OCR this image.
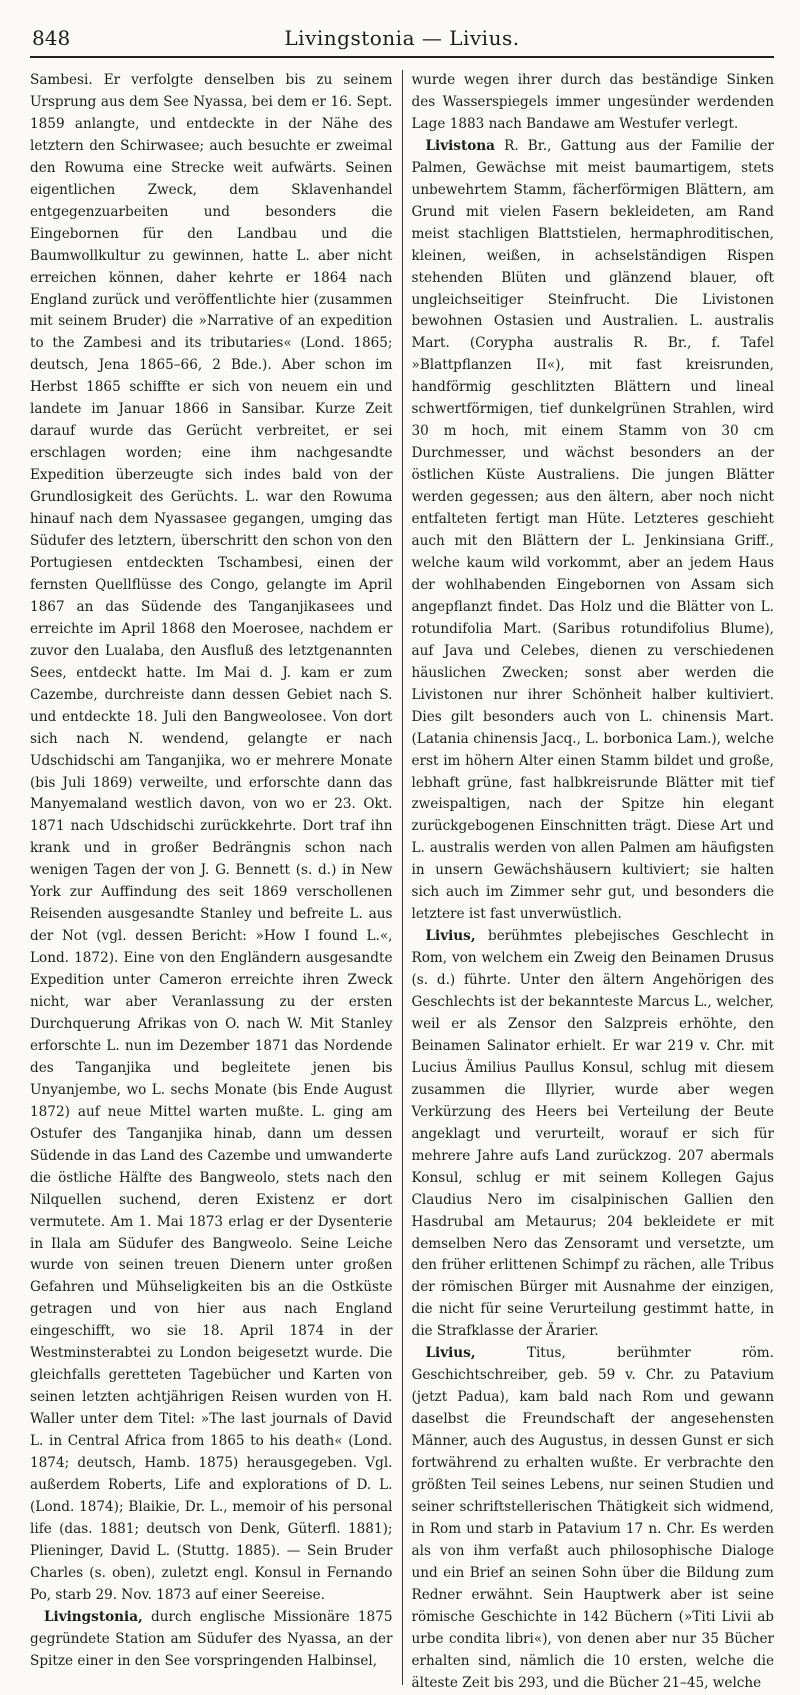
848	Livingstonia — Livius.

Sambesi. Er verfolgte denselben bis zu seinem Ursprung aus dem See Nyassa, bei dem er 16. Sept. 1859 anlangte, und entdeckte in der Nähe des letztern den Schirwasee; auch besuchte er zweimal den Rowuma eine Strecke weit aufwärts. Seinen eigentlichen Zweck, dem Sklavenhandel entgegenzuarbeiten und besonders die Eingebornen für den Landbau und die Baumwollkultur zu gewinnen, hatte L. aber nicht erreichen können, daher kehrte er 1864 nach England zurück und veröffentlichte hier (zusammen mit seinem Bruder) die »Narrative of an expedition to the Zambesi and its tributaries« (Lond. 1865; deutsch, Jena 1865–66, 2 Bde.). Aber schon im Herbst 1865 schiffte er sich von neuem ein und landete im Januar 1866 in Sansibar. Kurze Zeit darauf wurde das Gerücht verbreitet, er sei erschlagen worden; eine ihm nachgesandte Expedition überzeugte sich indes bald von der Grundlosigkeit des Gerüchts. L. war den Rowuma hinauf nach dem Nyassasee gegangen, umging das Südufer des letztern, überschritt den schon von den Portugiesen entdeckten Tschambesi, einen der fernsten Quellflüsse des Congo, gelangte im April 1867 an das Südende des Tanganjikasees und erreichte im April 1868 den Moerosee, nachdem er zuvor den Lualaba, den Ausfluß des letztgenannten Sees, entdeckt hatte. Im Mai d. J. kam er zum Cazembe, durchreiste dann dessen Gebiet nach S. und entdeckte 18. Juli den Bangweolosee. Von dort sich nach N. wendend, gelangte er nach Udschidschi am Tanganjika, wo er mehrere Monate (bis Juli 1869) verweilte, und erforschte dann das Manyemaland westlich davon, von wo er 23. Okt. 1871 nach Udschidschi zurückkehrte. Dort traf ihn krank und in großer Bedrängnis schon nach wenigen Tagen der von J. G. Bennett (s. d.) in New York zur Auffindung des seit 1869 verschollenen Reisenden ausgesandte Stanley und befreite L. aus der Not (vgl. dessen Bericht: »How I found L.«, Lond. 1872). Eine von den Engländern ausgesandte Expedition unter Cameron erreichte ihren Zweck nicht, war aber Veranlassung zu der ersten Durchquerung Afrikas von O. nach W. Mit Stanley erforschte L. nun im Dezember 1871 das Nordende des Tanganjika und begleitete jenen bis Unyanjembe, wo L. sechs Monate (bis Ende August 1872) auf neue Mittel warten mußte. L. ging am Ostufer des Tanganjika hinab, dann um dessen Südende in das Land des Cazembe und umwanderte die östliche Hälfte des Bangweolo, stets nach den Nilquellen suchend, deren Existenz er dort vermutete. Am 1. Mai 1873 erlag er der Dysenterie in Ilala am Südufer des Bangweolo. Seine Leiche wurde von seinen treuen Dienern unter großen Gefahren und Mühseligkeiten bis an die Ostküste getragen und von hier aus nach England eingeschifft, wo sie 18. April 1874 in der Westminsterabtei zu London beigesetzt wurde. Die gleichfalls geretteten Tagebücher und Karten von seinen letzten achtjährigen Reisen wurden von H. Waller unter dem Titel: »The last journals of David L. in Central Africa from 1865 to his death« (Lond. 1874; deutsch, Hamb. 1875) herausgegeben. Vgl. außerdem Roberts, Life and explorations of D. L. (Lond. 1874); Blaikie, Dr. L., memoir of his personal life (das. 1881; deutsch von Denk, Güterfl. 1881); Plieninger, David L. (Stuttg. 1885). — Sein Bruder Charles (s. oben), zuletzt engl. Konsul in Fernando Po, starb 29. Nov. 1873 auf einer Seereise.

Livingstonia, durch englische Missionäre 1875 gegründete Station am Südufer des Nyassa, an der Spitze einer in den See vorspringenden Halbinsel,

wurde wegen ihrer durch das beständige Sinken des Wasserspiegels immer ungesünder werdenden Lage 1883 nach Bandawe am Westufer verlegt.

Livistona R. Br., Gattung aus der Familie der Palmen, Gewächse mit meist baumartigem, stets unbewehrtem Stamm, fächerförmigen Blättern, am Grund mit vielen Fasern bekleideten, am Rand meist stachligen Blattstielen, hermaphroditischen, kleinen, weißen, in achselständigen Rispen stehenden Blüten und glänzend blauer, oft ungleichseitiger Steinfrucht. Die Livistonen bewohnen Ostasien und Australien. L. australis Mart. (Corypha australis R. Br., f. Tafel »Blattpflanzen II«), mit fast kreisrunden, handförmig geschlitzten Blättern und lineal schwertförmigen, tief dunkelgrünen Strahlen, wird 30 m hoch, mit einem Stamm von 30 cm Durchmesser, und wächst besonders an der östlichen Küste Australiens. Die jungen Blätter werden gegessen; aus den ältern, aber noch nicht entfalteten fertigt man Hüte. Letzteres geschieht auch mit den Blättern der L. Jenkinsiana Griff., welche kaum wild vorkommt, aber an jedem Haus der wohlhabenden Eingebornen von Assam sich angepflanzt findet. Das Holz und die Blätter von L. rotundifolia Mart. (Saribus rotundifolius Blume), auf Java und Celebes, dienen zu verschiedenen häuslichen Zwecken; sonst aber werden die Livistonen nur ihrer Schönheit halber kultiviert. Dies gilt besonders auch von L. chinensis Mart. (Latania chinensis Jacq., L. borbonica Lam.), welche erst im höhern Alter einen Stamm bildet und große, lebhaft grüne, fast halbkreisrunde Blätter mit tief zweispaltigen, nach der Spitze hin elegant zurückgebogenen Einschnitten trägt. Diese Art und L. australis werden von allen Palmen am häufigsten in unsern Gewächshäusern kultiviert; sie halten sich auch im Zimmer sehr gut, und besonders die letztere ist fast unverwüstlich.

Livius, berühmtes plebejisches Geschlecht in Rom, von welchem ein Zweig den Beinamen Drusus (s. d.) führte. Unter den ältern Angehörigen des Geschlechts ist der bekannteste Marcus L., welcher, weil er als Zensor den Salzpreis erhöhte, den Beinamen Salinator erhielt. Er war 219 v. Chr. mit Lucius Ämilius Paullus Konsul, schlug mit diesem zusammen die Illyrier, wurde aber wegen Verkürzung des Heers bei Verteilung der Beute angeklagt und verurteilt, worauf er sich für mehrere Jahre aufs Land zurückzog. 207 abermals Konsul, schlug er mit seinem Kollegen Gajus Claudius Nero im cisalpinischen Gallien den Hasdrubal am Metaurus; 204 bekleidete er mit demselben Nero das Zensoramt und versetzte, um den früher erlittenen Schimpf zu rächen, alle Tribus der römischen Bürger mit Ausnahme der einzigen, die nicht für seine Verurteilung gestimmt hatte, in die Strafklasse der Ärarier.

Livius, Titus, berühmter röm. Geschichtschreiber, geb. 59 v. Chr. zu Patavium (jetzt Padua), kam bald nach Rom und gewann daselbst die Freundschaft der angesehensten Männer, auch des Augustus, in dessen Gunst er sich fortwährend zu erhalten wußte. Er verbrachte den größten Teil seines Lebens, nur seinen Studien und seiner schriftstellerischen Thätigkeit sich widmend, in Rom und starb in Patavium 17 n. Chr. Es werden als von ihm verfaßt auch philosophische Dialoge und ein Brief an seinen Sohn über die Bildung zum Redner erwähnt. Sein Hauptwerk aber ist seine römische Geschichte in 142 Büchern (»Titi Livii ab urbe condita libri«), von denen aber nur 35 Bücher erhalten sind, nämlich die 10 ersten, welche die älteste Zeit bis 293, und die Bücher 21–45, welche
